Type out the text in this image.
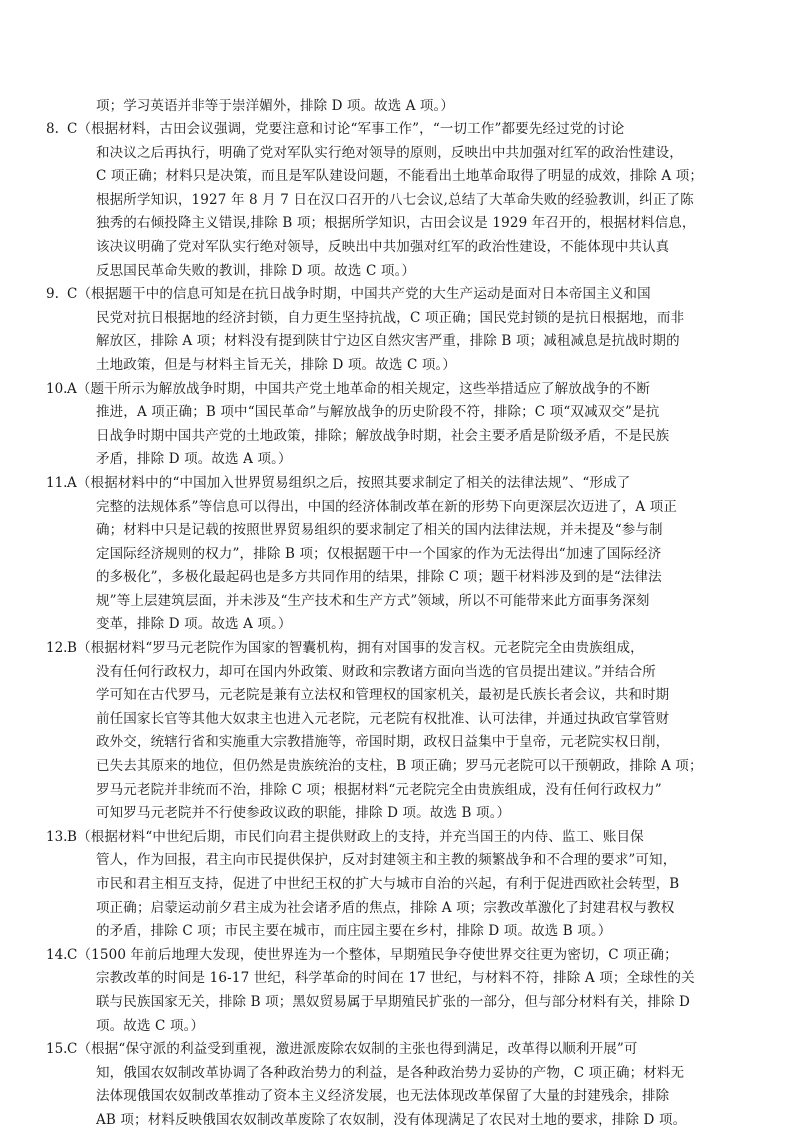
项；学习英语并非等于崇洋媚外，排除 D 项。故选 A 项。）
8. C（根据材料，古田会议强调，党要注意和讨论“军事工作”，“一切工作”都要先经过党的讨论
和决议之后再执行，明确了党对军队实行绝对领导的原则，反映出中共加强对红军的政治性建设，
C 项正确；材料只是决策，而且是军队建设问题，不能看出土地革命取得了明显的成效，排除 A 项；
根据所学知识，1927 年 8 月 7 日在汉口召开的八七会议,总结了大革命失败的经验教训，纠正了陈
独秀的右倾投降主义错误,排除 B 项；根据所学知识，古田会议是 1929 年召开的，根据材料信息，
该决议明确了党对军队实行绝对领导，反映出中共加强对红军的政治性建设，不能体现中共认真
反思国民革命失败的教训，排除 D 项。故选 C 项。）
9. C（根据题干中的信息可知是在抗日战争时期，中国共产党的大生产运动是面对日本帝国主义和国
民党对抗日根据地的经济封锁，自力更生坚持抗战，C 项正确；国民党封锁的是抗日根据地，而非
解放区，排除 A 项；材料没有提到陕甘宁边区自然灾害严重，排除 B 项；减租减息是抗战时期的
土地政策，但是与材料主旨无关，排除 D 项。故选 C 项。）
10. A（题干所示为解放战争时期，中国共产党土地革命的相关规定，这些举措适应了解放战争的不断
推进，A 项正确；B 项中“国民革命”与解放战争的历史阶段不符，排除；C 项“双减双交”是抗
日战争时期中国共产党的土地政策，排除；解放战争时期，社会主要矛盾是阶级矛盾，不是民族
矛盾，排除 D 项。故选 A 项。）
11. A（根据材料中的“中国加入世界贸易组织之后，按照其要求制定了相关的法律法规”、“形成了
完整的法规体系”等信息可以得出，中国的经济体制改革在新的形势下向更深层次迈进了，A 项正
确；材料中只是记载的按照世界贸易组织的要求制定了相关的国内法律法规，并未提及“参与制
定国际经济规则的权力”，排除 B 项；仅根据题干中一个国家的作为无法得出“加速了国际经济
的多极化”，多极化最起码也是多方共同作用的结果，排除 C 项；题干材料涉及到的是“法律法
规”等上层建筑层面，并未涉及“生产技术和生产方式”领域，所以不可能带来此方面事务深刻
变革，排除 D 项。故选 A 项。）
12. B（根据材料“罗马元老院作为国家的智囊机构，拥有对国事的发言权。元老院完全由贵族组成，
没有任何行政权力，却可在国内外政策、财政和宗教诸方面向当选的官员提出建议。”并结合所
学可知在古代罗马，元老院是兼有立法权和管理权的国家机关，最初是氏族长者会议，共和时期
前任国家长官等其他大奴隶主也进入元老院，元老院有权批准、认可法律，并通过执政官掌管财
政外交，统辖行省和实施重大宗教措施等，帝国时期，政权日益集中于皇帝，元老院实权日削，
已失去其原来的地位，但仍然是贵族统治的支柱，B 项正确；罗马元老院可以干预朝政，排除 A 项；
罗马元老院并非统而不治，排除 C 项；根据材料“元老院完全由贵族组成，没有任何行政权力”
可知罗马元老院并不行使参政议政的职能，排除 D 项。故选 B 项。）
13. B（根据材料“中世纪后期，市民们向君主提供财政上的支持，并充当国王的内侍、监工、账目保
管人，作为回报，君主向市民提供保护，反对封建领主和主教的频繁战争和不合理的要求”可知，
市民和君主相互支持，促进了中世纪王权的扩大与城市自治的兴起，有利于促进西欧社会转型，B
项正确；启蒙运动前夕君主成为社会诸矛盾的焦点，排除 A 项；宗教改革激化了封建君权与教权
的矛盾，排除 C 项；市民主要在城市，而庄园主要在乡村，排除 D 项。故选 B 项。）
14. C（1500 年前后地理大发现，使世界连为一个整体，早期殖民争夺使世界交往更为密切，C 项正确；
宗教改革的时间是 16-17 世纪，科学革命的时间在 17 世纪，与材料不符，排除 A 项；全球性的关
联与民族国家无关，排除 B 项；黑奴贸易属于早期殖民扩张的一部分，但与部分材料有关，排除 D
项。故选 C 项。）
15. C（根据“保守派的利益受到重视，激进派废除农奴制的主张也得到满足，改革得以顺利开展”可
知，俄国农奴制改革协调了各种政治势力的利益，是各种政治势力妥协的产物，C 项正确；材料无
法体现俄国农奴制改革推动了资本主义经济发展，也无法体现改革保留了大量的封建残余，排除
AB 项；材料反映俄国农奴制改革废除了农奴制，没有体现满足了农民对土地的要求，排除 D 项。
